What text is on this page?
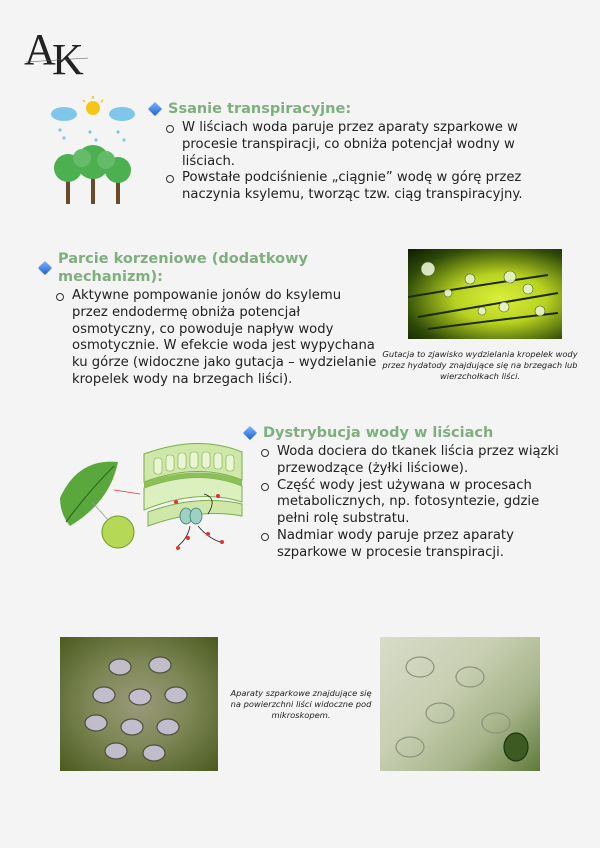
A
K
Ssanie transpiracyjne:
W liściach woda paruje przez aparaty szparkowe w procesie transpiracji, co obniża potencjał wodny w liściach.
Powstałe podciśnienie „ciągnie” wodę w górę przez naczynia ksylemu, tworząc tzw. ciąg transpiracyjny.
Parcie korzeniowe (dodatkowy mechanizm):
Aktywne pompowanie jonów do ksylemu przez endodermę obniża potencjał osmotyczny, co powoduje napływ wody osmotycznie. W efekcie woda jest wypychana ku górze (widoczne jako gutacja – wydzielanie kropelek wody na brzegach liści).
Gutacja to zjawisko wydzielania kropelek wody przez hydatody znajdujące się na brzegach lub wierzchołkach liści.
Dystrybucja wody w liściach
Woda dociera do tkanek liścia przez wiązki przewodzące (żyłki liściowe).
Część wody jest używana w procesach metabolicznych, np. fotosyntezie, gdzie pełni rolę substratu.
Nadmiar wody paruje przez aparaty szparkowe w procesie transpiracji.
Aparaty szparkowe znajdujące się na powierzchni liści widoczne pod mikroskopem.
